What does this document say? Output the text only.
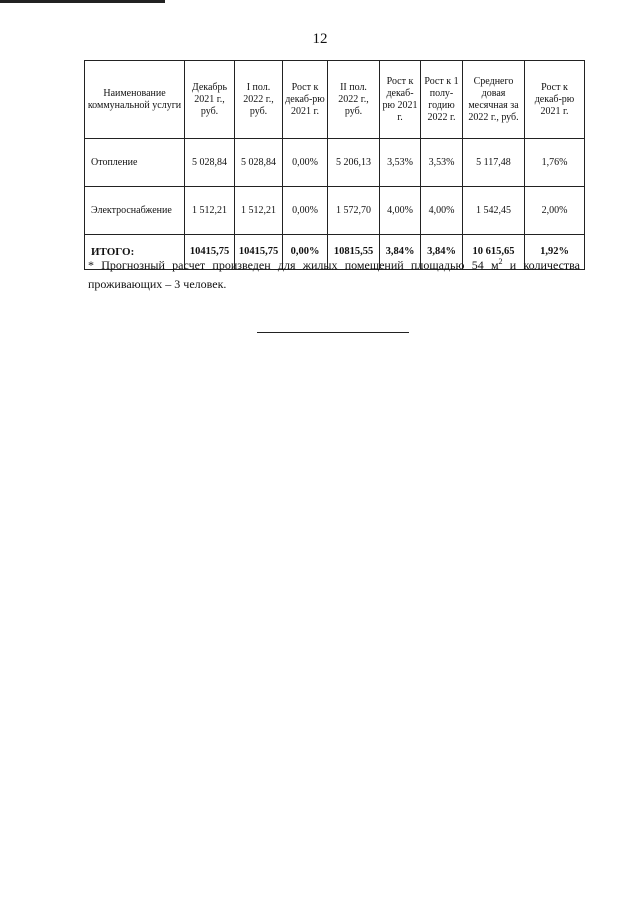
12
Наименование коммунальной услуги	Декабрь 2021 г., руб.	I пол. 2022 г., руб.	Рост к декаб-рю 2021 г.	II пол. 2022 г., руб.	Рост к декаб-рю 2021 г.	Рост к 1 полу-годию 2022 г.	Среднего довая месячная за 2022 г., руб.	Рост к декаб-рю 2021 г.
Отопление	5 028,84	5 028,84	0,00%	5 206,13	3,53%	3,53%	5 117,48	1,76%
Электроснабжение	1 512,21	1 512,21	0,00%	1 572,70	4,00%	4,00%	1 542,45	2,00%
ИТОГО:	10415,75	10415,75	0,00%	10815,55	3,84%	3,84%	10 615,65	1,92%
* Прогнозный расчет произведен для жилых помещений площадью 54 $м^2$ и количества проживающих – 3 человек.
